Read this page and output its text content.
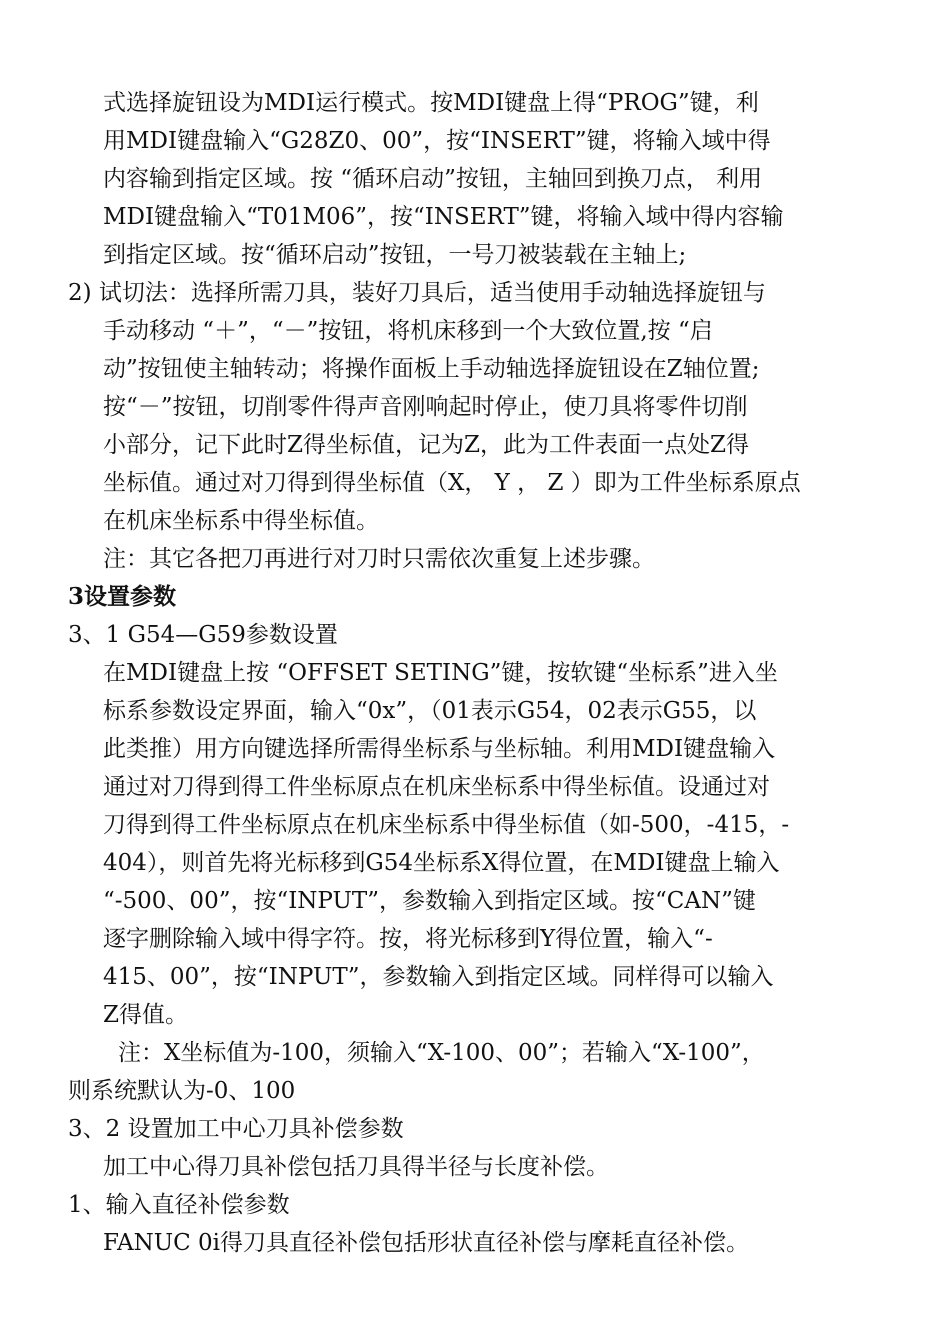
式选择旋钮设为MDI运行模式。按MDI键盘上得“PROG”键，利
用MDI键盘输入“G28Z0、00”，按“INSERT”键，将输入域中得
内容输到指定区域。按 “循环启动”按钮，主轴回到换刀点， 利用
MDI键盘输入“T01M06”，按“INSERT”键，将输入域中得内容输
到指定区域。按“循环启动”按钮，一号刀被装载在主轴上;
2) 试切法：选择所需刀具，装好刀具后，适当使用手动轴选择旋钮与
手动移动 “＋”，“－”按钮，将机床移到一个大致位置,按 “启
动”按钮使主轴转动；将操作面板上手动轴选择旋钮设在Z轴位置;
按“－”按钮，切削零件得声音刚响起时停止，使刀具将零件切削
小部分，记下此时Z得坐标值，记为Z，此为工件表面一点处Z得
坐标值。通过对刀得到得坐标值（X， Y ， Z ）即为工件坐标系原点
在机床坐标系中得坐标值。
注：其它各把刀再进行对刀时只需依次重复上述步骤。
3设置参数
3、1 G54—G59参数设置
在MDI键盘上按 “OFFSET SETING”键，按软键“坐标系”进入坐
标系参数设定界面，输入“0x”，（01表示G54，02表示G55，以
此类推）用方向键选择所需得坐标系与坐标轴。利用MDI键盘输入
通过对刀得到得工件坐标原点在机床坐标系中得坐标值。设通过对
刀得到得工件坐标原点在机床坐标系中得坐标值（如-500，-415，-
404），则首先将光标移到G54坐标系X得位置，在MDI键盘上输入
“-500、00”，按“INPUT”，参数输入到指定区域。按“CAN”键
逐字删除输入域中得字符。按，将光标移到Y得位置，输入“-
415、00”，按“INPUT”，参数输入到指定区域。同样得可以输入
Z得值。
注：X坐标值为-100，须输入“X-100、00”；若输入“X-100”，
则系统默认为-0、100
3、2 设置加工中心刀具补偿参数
加工中心得刀具补偿包括刀具得半径与长度补偿。
1、输入直径补偿参数
FANUC 0i得刀具直径补偿包括形状直径补偿与摩耗直径补偿。
